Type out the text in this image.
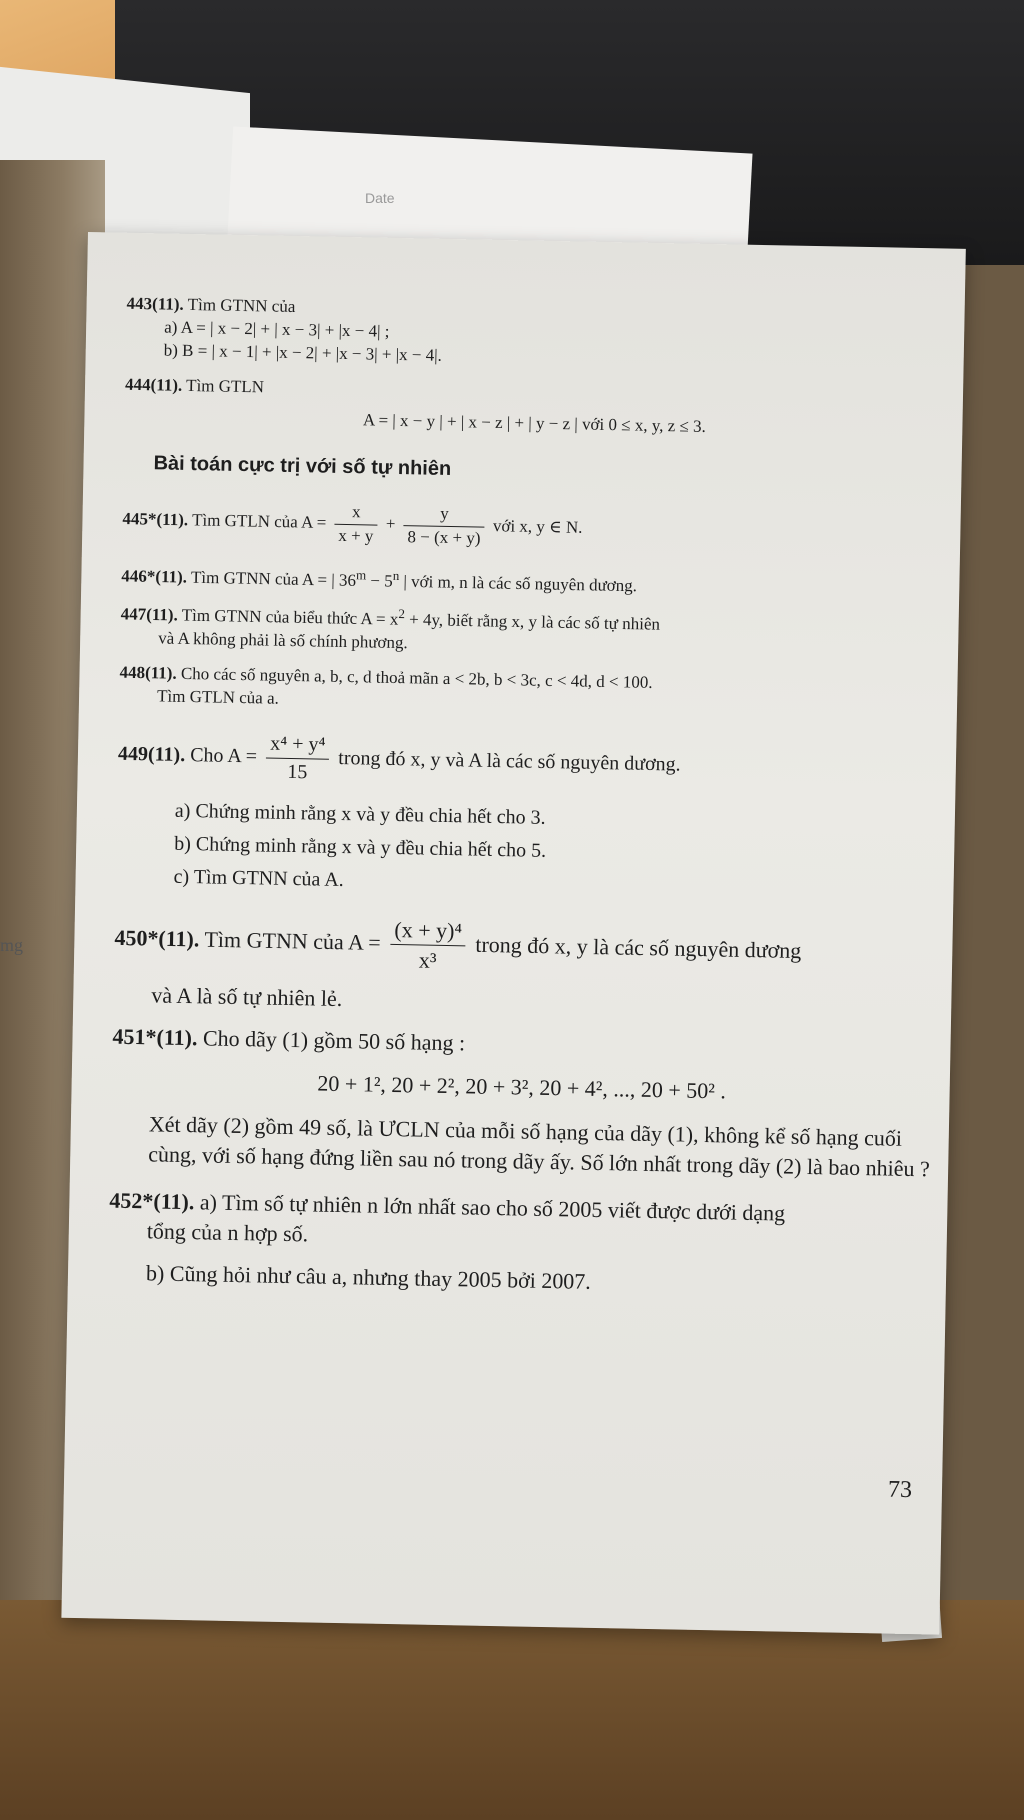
Date
mg
443(11). Tìm GTNN của
a) A = | x − 2| + | x − 3| + |x − 4| ;
b) B = | x − 1| + |x − 2| + |x − 3| + |x − 4|.
444(11). Tìm GTLN
A = | x − y | + | x − z | + | y − z | với 0 ≤ x, y, z ≤ 3.
Bài toán cực trị với số tự nhiên
445*(11). Tìm GTLN của $A = \frac{x}{x + y} + \frac{y}{8 - (x + y)}$ với x, y ∈ N.
446*(11). Tìm GTNN của A = | $36^m - 5^n$ | với m, n là các số nguyên dương.
447(11). Tìm GTNN của biểu thức $A = x^2 + 4y$, biết rằng x, y là các số tự nhiên
và A không phải là số chính phương.
448(11). Cho các số nguyên a, b, c, d thoả mãn a < 2b, b < 3c, c < 4d, d < 100.
Tìm GTLN của a.
449(11). Cho $A = \frac{\text{x⁴ + y⁴}}{15}$ trong đó x, y và A là các số nguyên dương.
a) Chứng minh rằng x và y đều chia hết cho 3.
b) Chứng minh rằng x và y đều chia hết cho 5.
c) Tìm GTNN của A.
450*(11). Tìm GTNN của $A = \frac{\text{(x + y)⁴}}{\text{x³}}$ trong đó x, y là các số nguyên dương
và A là số tự nhiên lẻ.
451*(11). Cho dãy (1) gồm 50 số hạng :
20 + 1², 20 + 2², 20 + 3², 20 + 4², ..., 20 + 50² .
Xét dãy (2) gồm 49 số, là ƯCLN của mỗi số hạng của dãy (1), không kể số hạng cuối cùng, với số hạng đứng liền sau nó trong dãy ấy. Số lớn nhất trong dãy (2) là bao nhiêu ?
452*(11). a) Tìm số tự nhiên n lớn nhất sao cho số 2005 viết được dưới dạng
tổng của n hợp số.
b) Cũng hỏi như câu a, nhưng thay 2005 bởi 2007.
73
